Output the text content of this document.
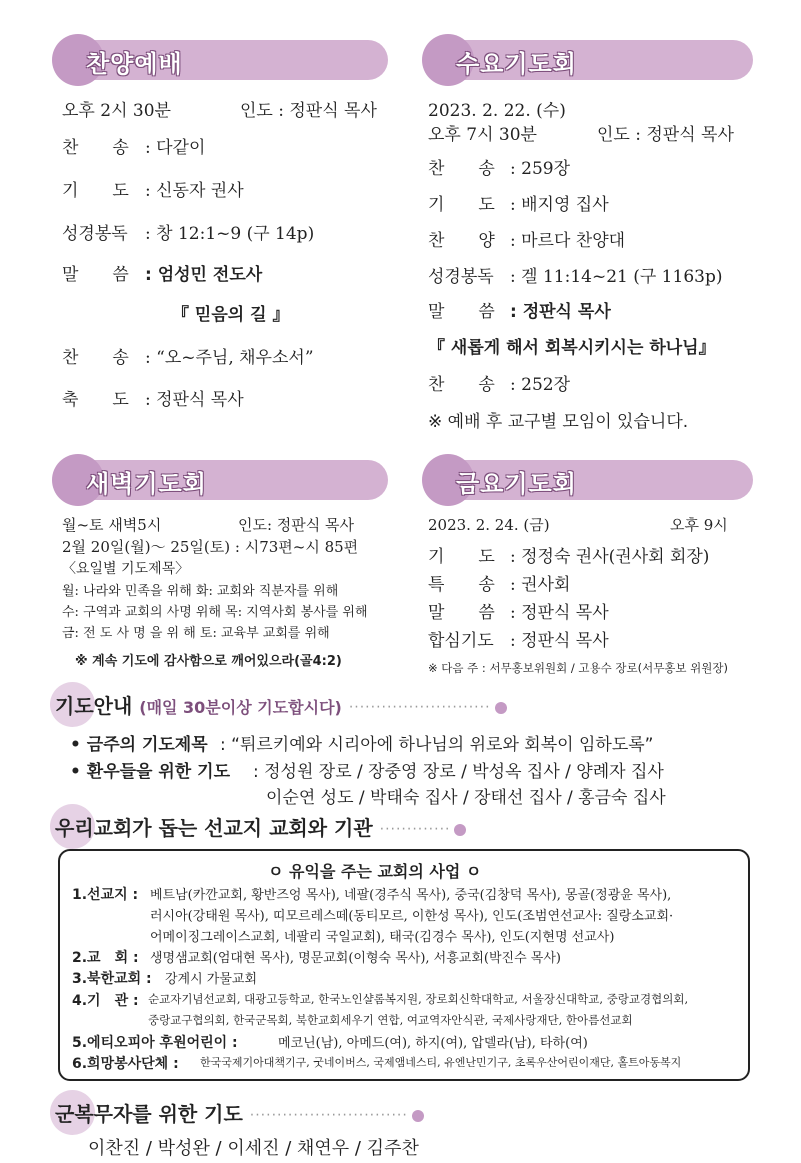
찬양예배
오후 2시 30분	인도 : 정판식 목사
찬　　송 : 다같이
기　　도 : 신동자 권사
성경봉독 : 창 12:1~9 (구 14p)
말　　씀 : 엄성민 전도사
『 믿음의 길 』
찬　　송 : “오~주님, 채우소서”
축　　도 : 정판식 목사
수요기도회
2023. 2. 22. (수)
오후 7시 30분	인도 : 정판식 목사
찬　　송 : 259장
기　　도 : 배지영 집사
찬　　양 : 마르다 찬양대
성경봉독 : 겔 11:14~21 (구 1163p)
말　　씀 : 정판식 목사
『 새롭게 해서 회복시키시는 하나님』
찬　　송 : 252장
※ 예배 후 교구별 모임이 있습니다.
새벽기도회
월~토 새벽5시	인도: 정판식 목사
2월 20일(월)～ 25일(토) : 시73편~시 85편
〈요일별 기도제목〉
월: 나라와 민족을 위해 화: 교회와 직분자를 위해
수: 구역과 교회의 사명 위해 목: 지역사회 봉사를 위해
금: 전 도 사 명 을 위 해 토: 교육부 교회를 위해
※ 계속 기도에 감사함으로 깨어있으라(골4:2)
금요기도회
2023. 2. 24. (금)	오후 9시
기　　도 : 정정숙 권사(권사회 회장)
특　　송 : 권사회
말　　씀 : 정판식 목사
합심기도 : 정판식 목사
※ 다음 주 : 서무홍보위원회 / 고용수 장로(서무홍보 위원장)
기도안내 (매일 30분이상 기도합시다) ··························
• 금주의 기도제목 : “튀르키예와 시리아에 하나님의 위로와 회복이 임하도록”
• 환우들을 위한 기도 : 정성원 장로 / 장중영 장로 / 박성옥 집사 / 양례자 집사
이순연 성도 / 박태숙 집사 / 장태선 집사 / 홍금숙 집사
우리교회가 돕는 선교지 교회와 기관 ·············
ㅇ 유익을 주는 교회의 사업 ㅇ
1.선교지 : 베트남(카깐교회, 황반즈엉 목사), 네팔(경주식 목사), 중국(김창덕 목사), 몽골(정광윤 목사),
러시아(강태원 목사), 띠모르레스떼(동티모르, 이한성 목사), 인도(조범연선교사: 질랑소교회·
어메이징그레이스교회, 네팔리 국일교회), 태국(김경수 목사), 인도(지현명 선교사)
2.교　회 : 생명샘교회(엄대현 목사), 명문교회(이형숙 목사), 서흥교회(박진수 목사)
3.북한교회 : 강계시 가물교회
4.기　관 : 순교자기념선교회, 대광고등학교, 한국노인샬롬복지원, 장로회신학대학교, 서울장신대학교, 중랑교경협의회,
중랑교구협의회, 한국군목회, 북한교회세우기 연합, 여교역자안식관, 국제사랑재단, 한아름선교회
5.에티오피아 후원어린이 :	메코닌(남), 아메드(여), 하지(여), 압델라(남), 타하(여)
6.희망봉사단체 : 한국국제기아대책기구, 굿네이버스, 국제앰네스티, 유엔난민기구, 초록우산어린이재단, 홀트아동복지
군복무자를 위한 기도 ·····························
이찬진 / 박성완 / 이세진 / 채연우 / 김주찬
